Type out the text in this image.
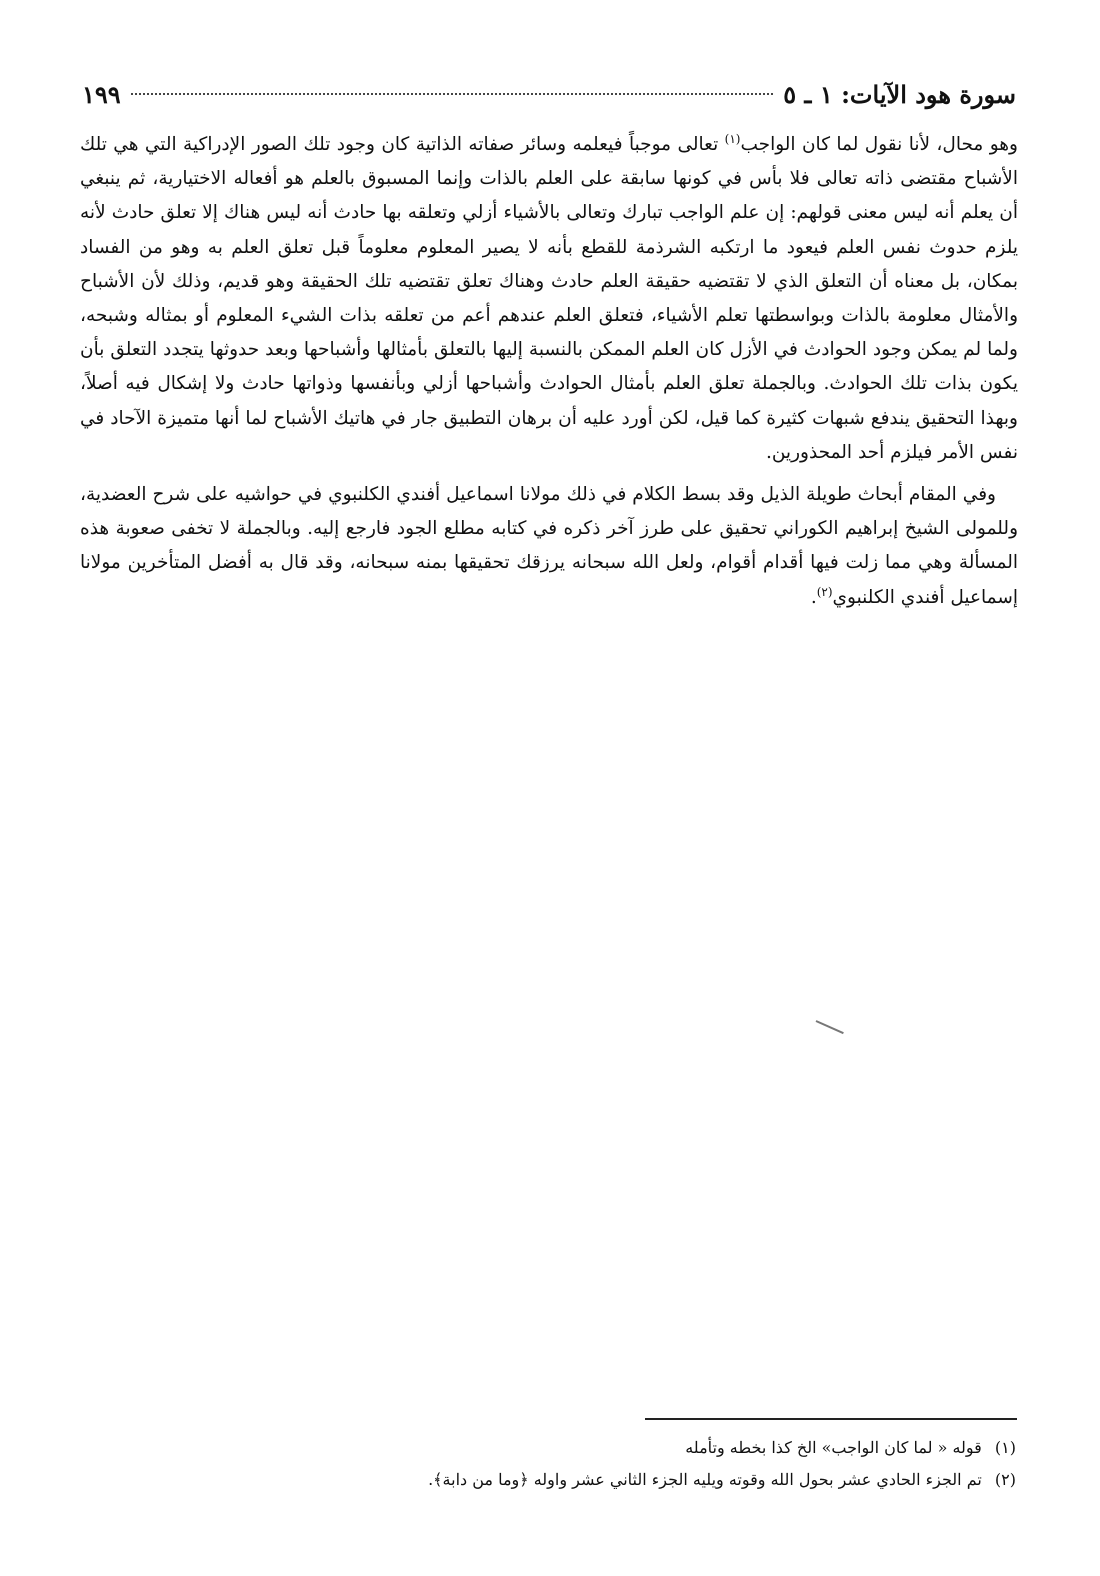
سورة هود الآيات: ١ ـ ٥
١٩٩

وهو محال، لأنا نقول لما كان الواجب$^{(١)}$ تعالى موجباً فيعلمه وسائر صفاته الذاتية كان وجود تلك الصور الإدراكية التي هي تلك الأشباح مقتضى ذاته تعالى فلا بأس في كونها سابقة على العلم بالذات وإنما المسبوق بالعلم هو أفعاله الاختيارية، ثم ينبغي أن يعلم أنه ليس معنى قولهم: إن علم الواجب تبارك وتعالى بالأشياء أزلي وتعلقه بها حادث أنه ليس هناك إلا تعلق حادث لأنه يلزم حدوث نفس العلم فيعود ما ارتكبه الشرذمة للقطع بأنه لا يصير المعلوم معلوماً قبل تعلق العلم به وهو من الفساد بمكان، بل معناه أن التعلق الذي لا تقتضيه حقيقة العلم حادث وهناك تعلق تقتضيه تلك الحقيقة وهو قديم، وذلك لأن الأشباح والأمثال معلومة بالذات وبواسطتها تعلم الأشياء، فتعلق العلم عندهم أعم من تعلقه بذات الشيء المعلوم أو بمثاله وشبحه، ولما لم يمكن وجود الحوادث في الأزل كان العلم الممكن بالنسبة إليها بالتعلق بأمثالها وأشباحها وبعد حدوثها يتجدد التعلق بأن يكون بذات تلك الحوادث. وبالجملة تعلق العلم بأمثال الحوادث وأشباحها أزلي وبأنفسها وذواتها حادث ولا إشكال فيه أصلاً، وبهذا التحقيق يندفع شبهات كثيرة كما قيل، لكن أورد عليه أن برهان التطبيق جار في هاتيك الأشباح لما أنها متميزة الآحاد في نفس الأمر فيلزم أحد المحذورين.

وفي المقام أبحاث طويلة الذيل وقد بسط الكلام في ذلك مولانا اسماعيل أفندي الكلنبوي في حواشيه على شرح العضدية، وللمولى الشيخ إبراهيم الكوراني تحقيق على طرز آخر ذكره في كتابه مطلع الجود فارجع إليه. وبالجملة لا تخفى صعوبة هذه المسألة وهي مما زلت فيها أقدام أقوام، ولعل الله سبحانه يرزقك تحقيقها بمنه سبحانه، وقد قال به أفضل المتأخرين مولانا إسماعيل أفندي الكلنبوي$^{(٢)}$.

(١) قوله « لما كان الواجب» الخ كذا بخطه وتأمله
(٢) تم الجزء الحادي عشر بحول الله وقوته ويليه الجزء الثاني عشر واوله ﴿وما من دابة﴾.
